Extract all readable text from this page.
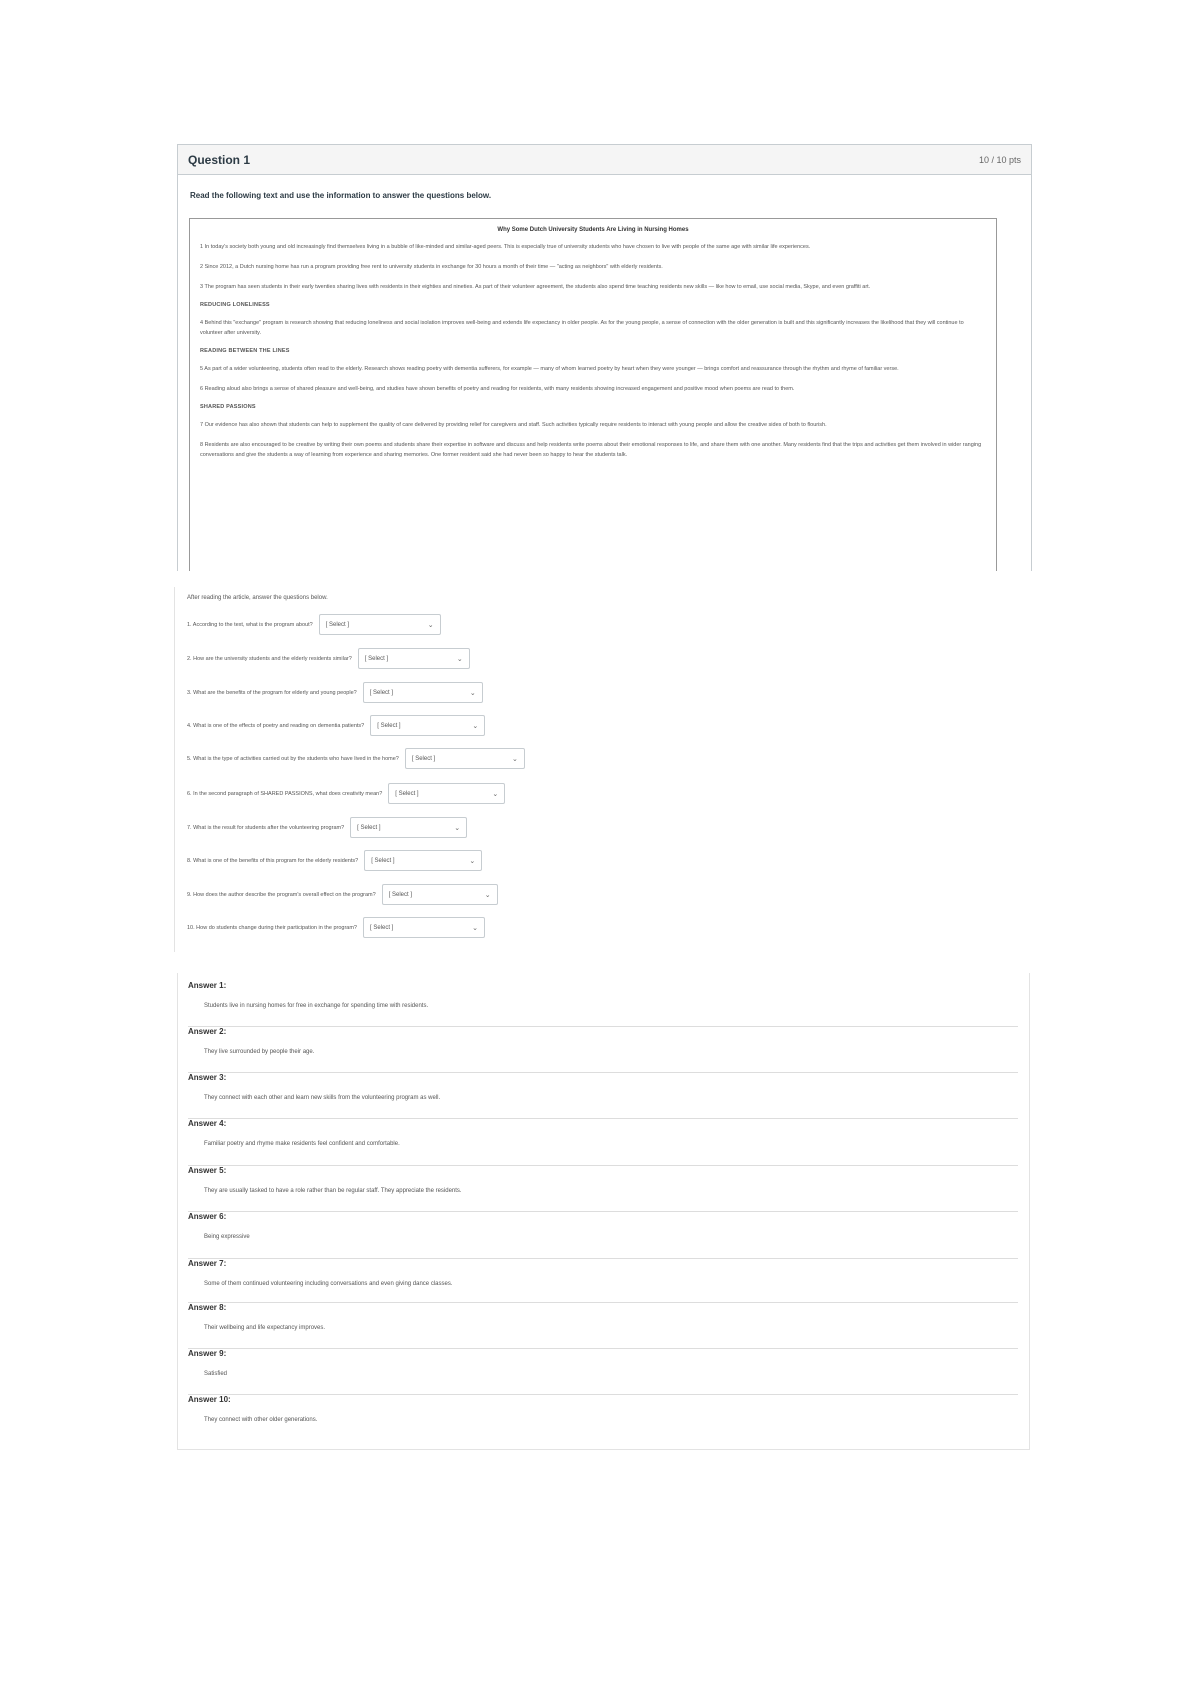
Question 1	10 / 10 pts
Read the following text and use the information to answer the questions below.
Why Some Dutch University Students Are Living in Nursing Homes
1 In today's society both young and old increasingly find themselves living in a bubble of like-minded and similar-aged peers. This is especially true of university students who have chosen to live with people of the same age with similar life experiences.
2 Since 2012, a Dutch nursing home has run a program providing free rent to university students in exchange for 30 hours a month of their time — "acting as neighbors" with elderly residents.
3 The program has seen students in their early twenties sharing lives with residents in their eighties and nineties. As part of their volunteer agreement, the students also spend time teaching residents new skills — like how to email, use social media, Skype, and even graffiti art.
REDUCING LONELINESS
4 Behind this "exchange" program is research showing that reducing loneliness and social isolation improves well-being and extends life expectancy in older people. As for the young people, a sense of connection with the older generation is built and this significantly increases the likelihood that they will continue to volunteer after university.
READING BETWEEN THE LINES
5 As part of a wider volunteering, students often read to the elderly. Research shows reading poetry with dementia sufferers, for example — many of whom learned poetry by heart when they were younger — brings comfort and reassurance through the rhythm and rhyme of familiar verse.
6 Reading aloud also brings a sense of shared pleasure and well-being, and studies have shown benefits of poetry and reading for residents, with many residents showing increased engagement and positive mood when poems are read to them.
SHARED PASSIONS
7 Our evidence has also shown that students can help to supplement the quality of care delivered by providing relief for caregivers and staff. Such activities typically require residents to interact with young people and allow the creative sides of both to flourish.
8 Residents are also encouraged to be creative by writing their own poems and students share their expertise in software and discuss and help residents write poems about their emotional responses to life, and share them with one another. Many residents find that the trips and activities get them involved in wider ranging conversations and give the students a way of learning from experience and sharing memories. One former resident said she had never been so happy to hear the students talk.
After reading the article, answer the questions below.
1. According to the text, what is the program about? [ Select ]	⌄
2. How are the university students and the elderly residents similar? [ Select ]	⌄
3. What are the benefits of the program for elderly and young people? [ Select ]	⌄
4. What is one of the effects of poetry and reading on dementia patients? [ Select ]	⌄
5. What is the type of activities carried out by the students who have lived in the home? [ Select ]	⌄
6. In the second paragraph of SHARED PASSIONS, what does creativity mean? [ Select ]	⌄
7. What is the result for students after the volunteering program? [ Select ]	⌄
8. What is one of the benefits of this program for the elderly residents? [ Select ]	⌄
9. How does the author describe the program's overall effect on the program? [ Select ]	⌄
10. How do students change during their participation in the program? [ Select ]	⌄
Answer 1:
Students live in nursing homes for free in exchange for spending time with residents.
Answer 2:
They live surrounded by people their age.
Answer 3:
They connect with each other and learn new skills from the volunteering program as well.
Answer 4:
Familiar poetry and rhyme make residents feel confident and comfortable.
Answer 5:
They are usually tasked to have a role rather than be regular staff. They appreciate the residents.
Answer 6:
Being expressive
Answer 7:
Some of them continued volunteering including conversations and even giving dance classes.
Answer 8:
Their wellbeing and life expectancy improves.
Answer 9:
Satisfied
Answer 10:
They connect with other older generations.
